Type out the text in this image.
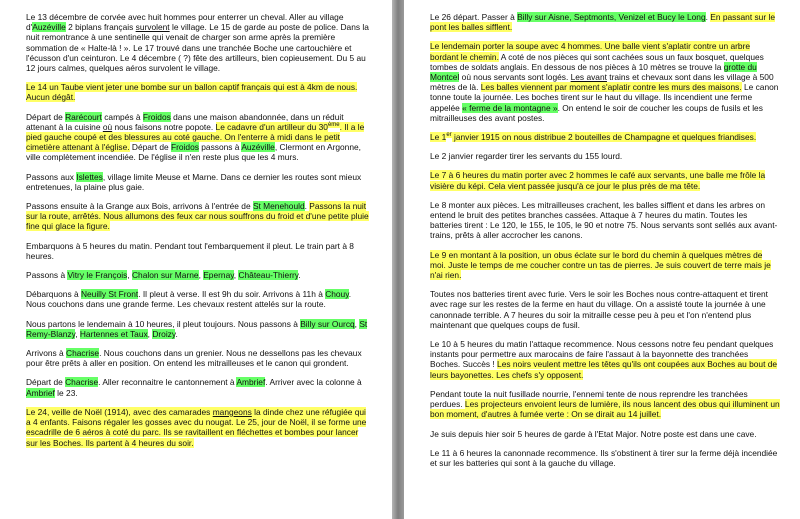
Le 13 décembre de corvée avec huit hommes pour enterrer un cheval. Aller au village d'Auzéville 2 biplans français survolent le village. Le 15 de garde au poste de police. Dans la nuit remontrance à une sentinelle qui venait de charger son arme après la première sommation de « Halte-là ! ». Le 17 trouvé dans une tranchée Boche une cartouchière et l'écusson d'un ceinturon. Le 4 décembre ( ?) fête des artilleurs, bien copieusement. Du 5 au 12 jours calmes, quelques aéros survolent le village.

Le 14 un Taube vient jeter une bombe sur un ballon captif français qui est à 4km de nous. Aucun dégât.

Départ de Rarécourt campés à Froidos dans une maison abandonnée, dans un réduit attenant à la cuisine où nous faisons notre popote. Le cadavre d'un artilleur du 30ème. Il a le pied gauche coupé et des blessures au coté gauche. On l'enterre à midi dans le petit cimetière attenant à l'église. Départ de Froidos passons à Auzéville, Clermont en Argonne, ville complètement incendiée. De l'église il n'en reste plus que les 4 murs.

Passons aux Islettes, village limite Meuse et Marne. Dans ce dernier les routes sont mieux entretenues, la plaine plus gaie.

Passons ensuite à la Grange aux Bois, arrivons à l'entrée de St Menehould. Passons la nuit sur la route, arrêtés. Nous allumons des feux car nous souffrons du froid et d'une petite pluie fine qui glace la figure.

Embarquons à 5 heures du matin. Pendant tout l'embarquement il pleut. Le train part à 8 heures.

Passons à Vitry le François, Chalon sur Marne, Epernay, Château-Thierry.

Débarquons à Neuilly St Front. Il pleut à verse. Il est 9h du soir. Arrivons à 11h à Chouy. Nous couchons dans une grande ferme. Les chevaux restent attelés sur la route.

Nous partons le lendemain à 10 heures, il pleut toujours. Nous passons à Billy sur Ourcq, St Remy-Blanzy, Hartennes et Taux, Droizy.

Arrivons à Chacrise. Nous couchons dans un grenier. Nous ne dessellons pas les chevaux pour être prêts à aller en position. On entend les mitrailleuses et le canon qui grondent.

Départ de Chacrise. Aller reconnaitre le cantonnement à Ambrief. Arriver avec la colonne à Ambrief le 23.

Le 24, veille de Noël (1914), avec des camarades mangeons la dinde chez une réfugiée qui a 4 enfants. Faisons régaler les gosses avec du nougat. Le 25, jour de Noël, il se forme une escadrille de 6 aéros à coté du parc. Ils se ravitaillent en fléchettes et bombes pour lancer sur les Boches. Ils partent à 4 heures du soir.

Le 26 départ. Passer à Billy sur Aisne, Septmonts, Venizel et Bucy le Long. En passant sur le pont les balles sifflent.

Le lendemain porter la soupe avec 4 hommes. Une balle vient s'aplatir contre un arbre bordant le chemin. A coté de nos pièces qui sont cachées sous un faux bosquet, quelques tombes de soldats anglais. En dessous de nos pièces à 10 mètres se trouve la grotte du Montcel où nous servants sont logés. Les avant trains et chevaux sont dans les village à 500 mètres de là. Les balles viennent par moment s'aplatir contre les murs des maisons. Le canon tonne toute la journée. Les boches tirent sur le haut du village. Ils incendient une ferme appelée « ferme de la montagne ». On entend le soir de coucher les coups de fusils et les mitrailleuses des avant postes.

Le 1er janvier 1915 on nous distribue 2 bouteilles de Champagne et quelques friandises.

Le 2 janvier regarder tirer les servants du 155 lourd.

Le 7 à 6 heures du matin porter avec 2 hommes le café aux servants, une balle me frôle la visière du képi. Cela vient passée jusqu'à ce jour le plus près de ma tête.

Le 8 monter aux pièces. Les mitrailleuses crachent, les balles sifflent et dans les arbres on entend le bruit des petites branches cassées. Attaque à 7 heures du matin. Toutes les batteries tirent : Le 120, le 155, le 105, le 90 et notre 75. Nous servants sont sellés aux avant-trains, prêts à aller accrocher les canons.

Le 9 en montant à la position, un obus éclate sur le bord du chemin à quelques mètres de moi. Juste le temps de me coucher contre un tas de pierres. Je suis couvert de terre mais je n'ai rien.

Toutes nos batteries tirent avec furie. Vers le soir les Boches nous contre-attaquent et tirent avec rage sur les restes de la ferme en haut du village. On a assisté toute la journée à une canonnade terrible. A 7 heures du soir la mitraille cesse peu à peu et l'on n'entend plus maintenant que quelques coups de fusil.

Le 10 à 5 heures du matin l'attaque recommence. Nous cessons notre feu pendant quelques instants pour permettre aux marocains de faire l'assaut à la bayonnette des tranchées Boches. Succès ! Les noirs veulent mettre les têtes qu'ils ont coupées aux Boches au bout de leurs bayonettes. Les chefs s'y opposent.

Pendant toute la nuit fusillade nourrie, l'ennemi tente de nous reprendre les tranchées perdues. Les projecteurs envoient leurs de lumière, ils nous lancent des obus qui illuminent un bon moment, d'autres à fumée verte : On se dirait au 14 juillet.

Je suis depuis hier soir 5 heures de garde à l'Etat Major. Notre poste est dans une cave.

Le 11 à 6 heures la canonnade recommence. Ils s'obstinent à tirer sur la ferme déjà incendiée et sur les batteries qui sont à la gauche du village.
